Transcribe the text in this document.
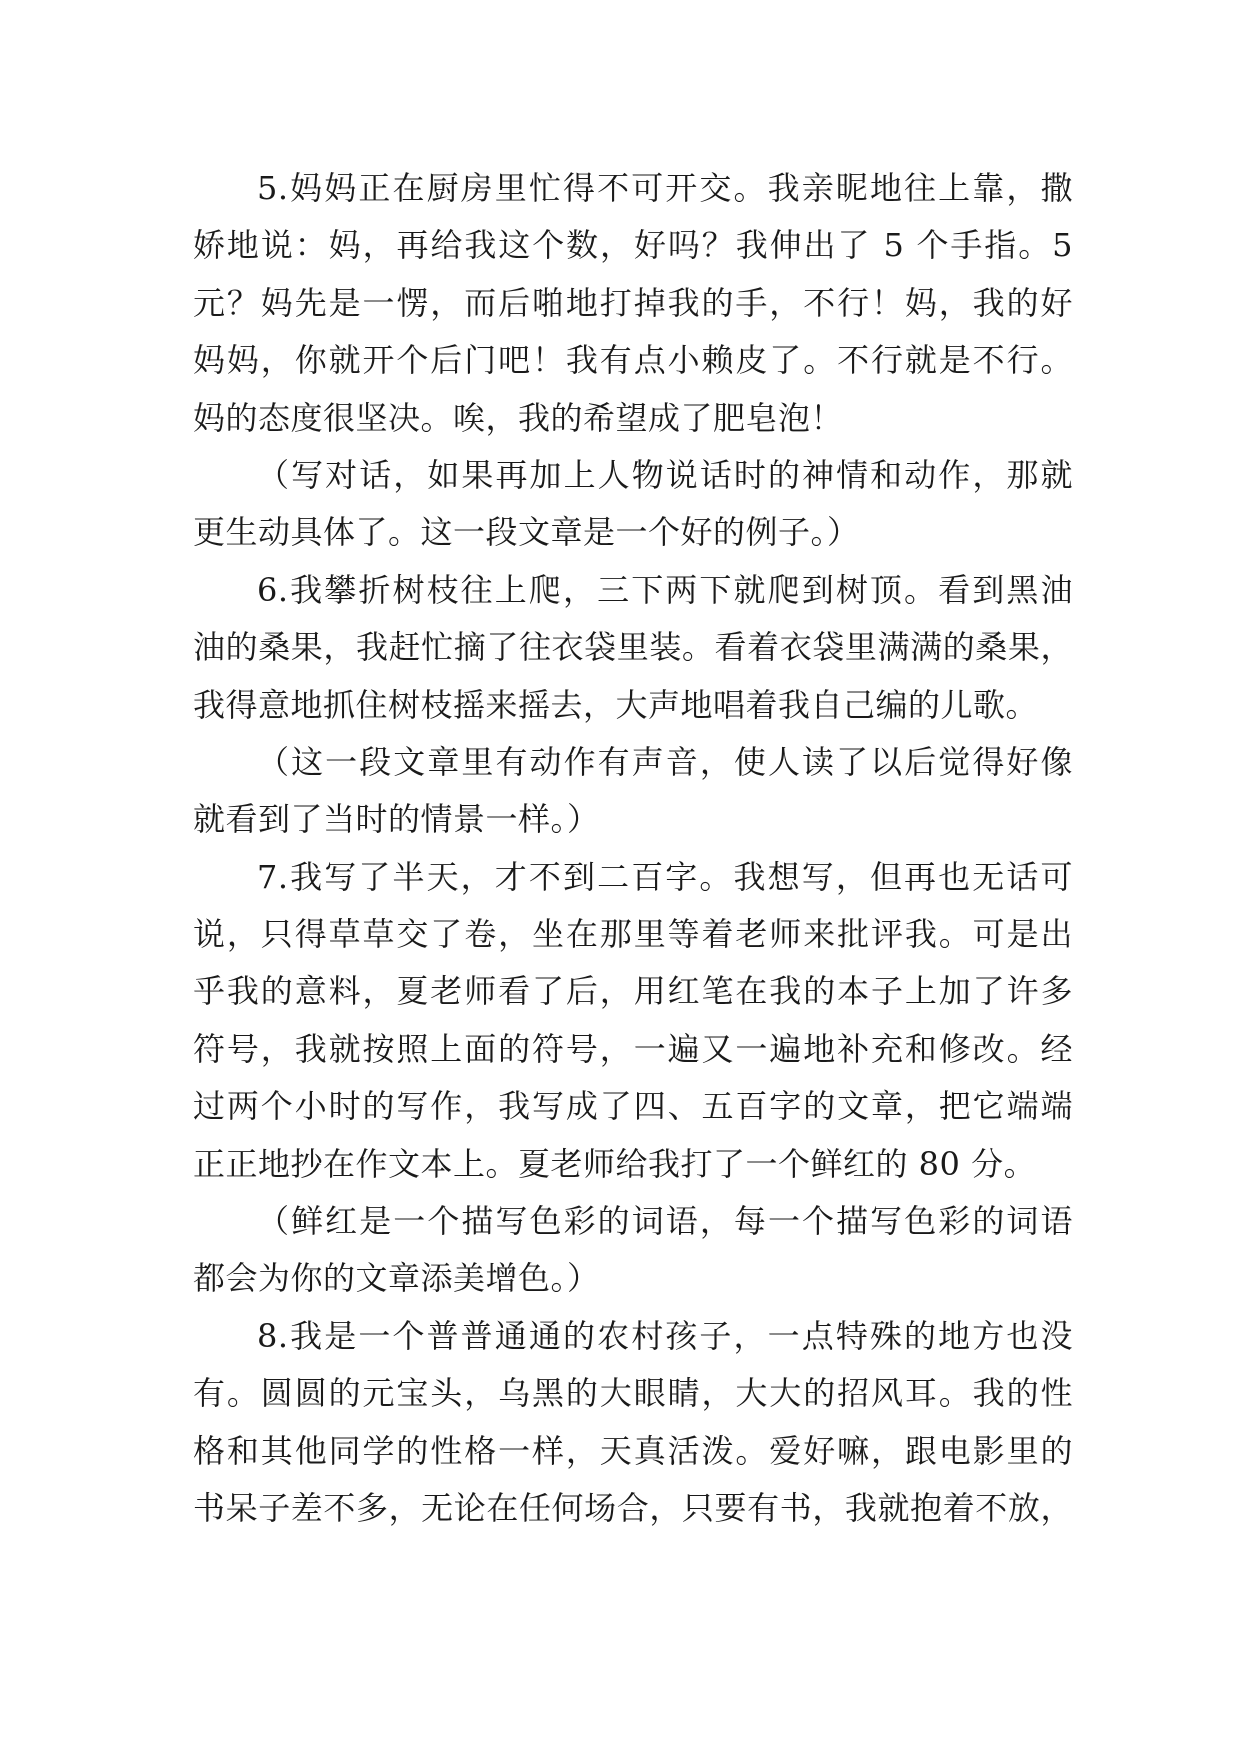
5.妈妈正在厨房里忙得不可开交。我亲昵地往上靠，撒
娇地说：妈，再给我这个数，好吗？我伸出了 5 个手指。5
元？妈先是一愣，而后啪地打掉我的手，不行！妈，我的好
妈妈，你就开个后门吧！我有点小赖皮了。不行就是不行。
妈的态度很坚决。唉，我的希望成了肥皂泡！
（写对话，如果再加上人物说话时的神情和动作，那就
更生动具体了。这一段文章是一个好的例子。）
6.我攀折树枝往上爬，三下两下就爬到树顶。看到黑油
油的桑果，我赶忙摘了往衣袋里装。看着衣袋里满满的桑果，
我得意地抓住树枝摇来摇去，大声地唱着我自己编的儿歌。
（这一段文章里有动作有声音，使人读了以后觉得好像
就看到了当时的情景一样。）
7.我写了半天，才不到二百字。我想写，但再也无话可
说，只得草草交了卷，坐在那里等着老师来批评我。可是出
乎我的意料，夏老师看了后，用红笔在我的本子上加了许多
符号，我就按照上面的符号，一遍又一遍地补充和修改。经
过两个小时的写作，我写成了四、五百字的文章，把它端端
正正地抄在作文本上。夏老师给我打了一个鲜红的 80 分。
（鲜红是一个描写色彩的词语，每一个描写色彩的词语
都会为你的文章添美增色。）
8.我是一个普普通通的农村孩子，一点特殊的地方也没
有。圆圆的元宝头，乌黑的大眼睛，大大的招风耳。我的性
格和其他同学的性格一样，天真活泼。爱好嘛，跟电影里的
书呆子差不多，无论在任何场合，只要有书，我就抱着不放，
